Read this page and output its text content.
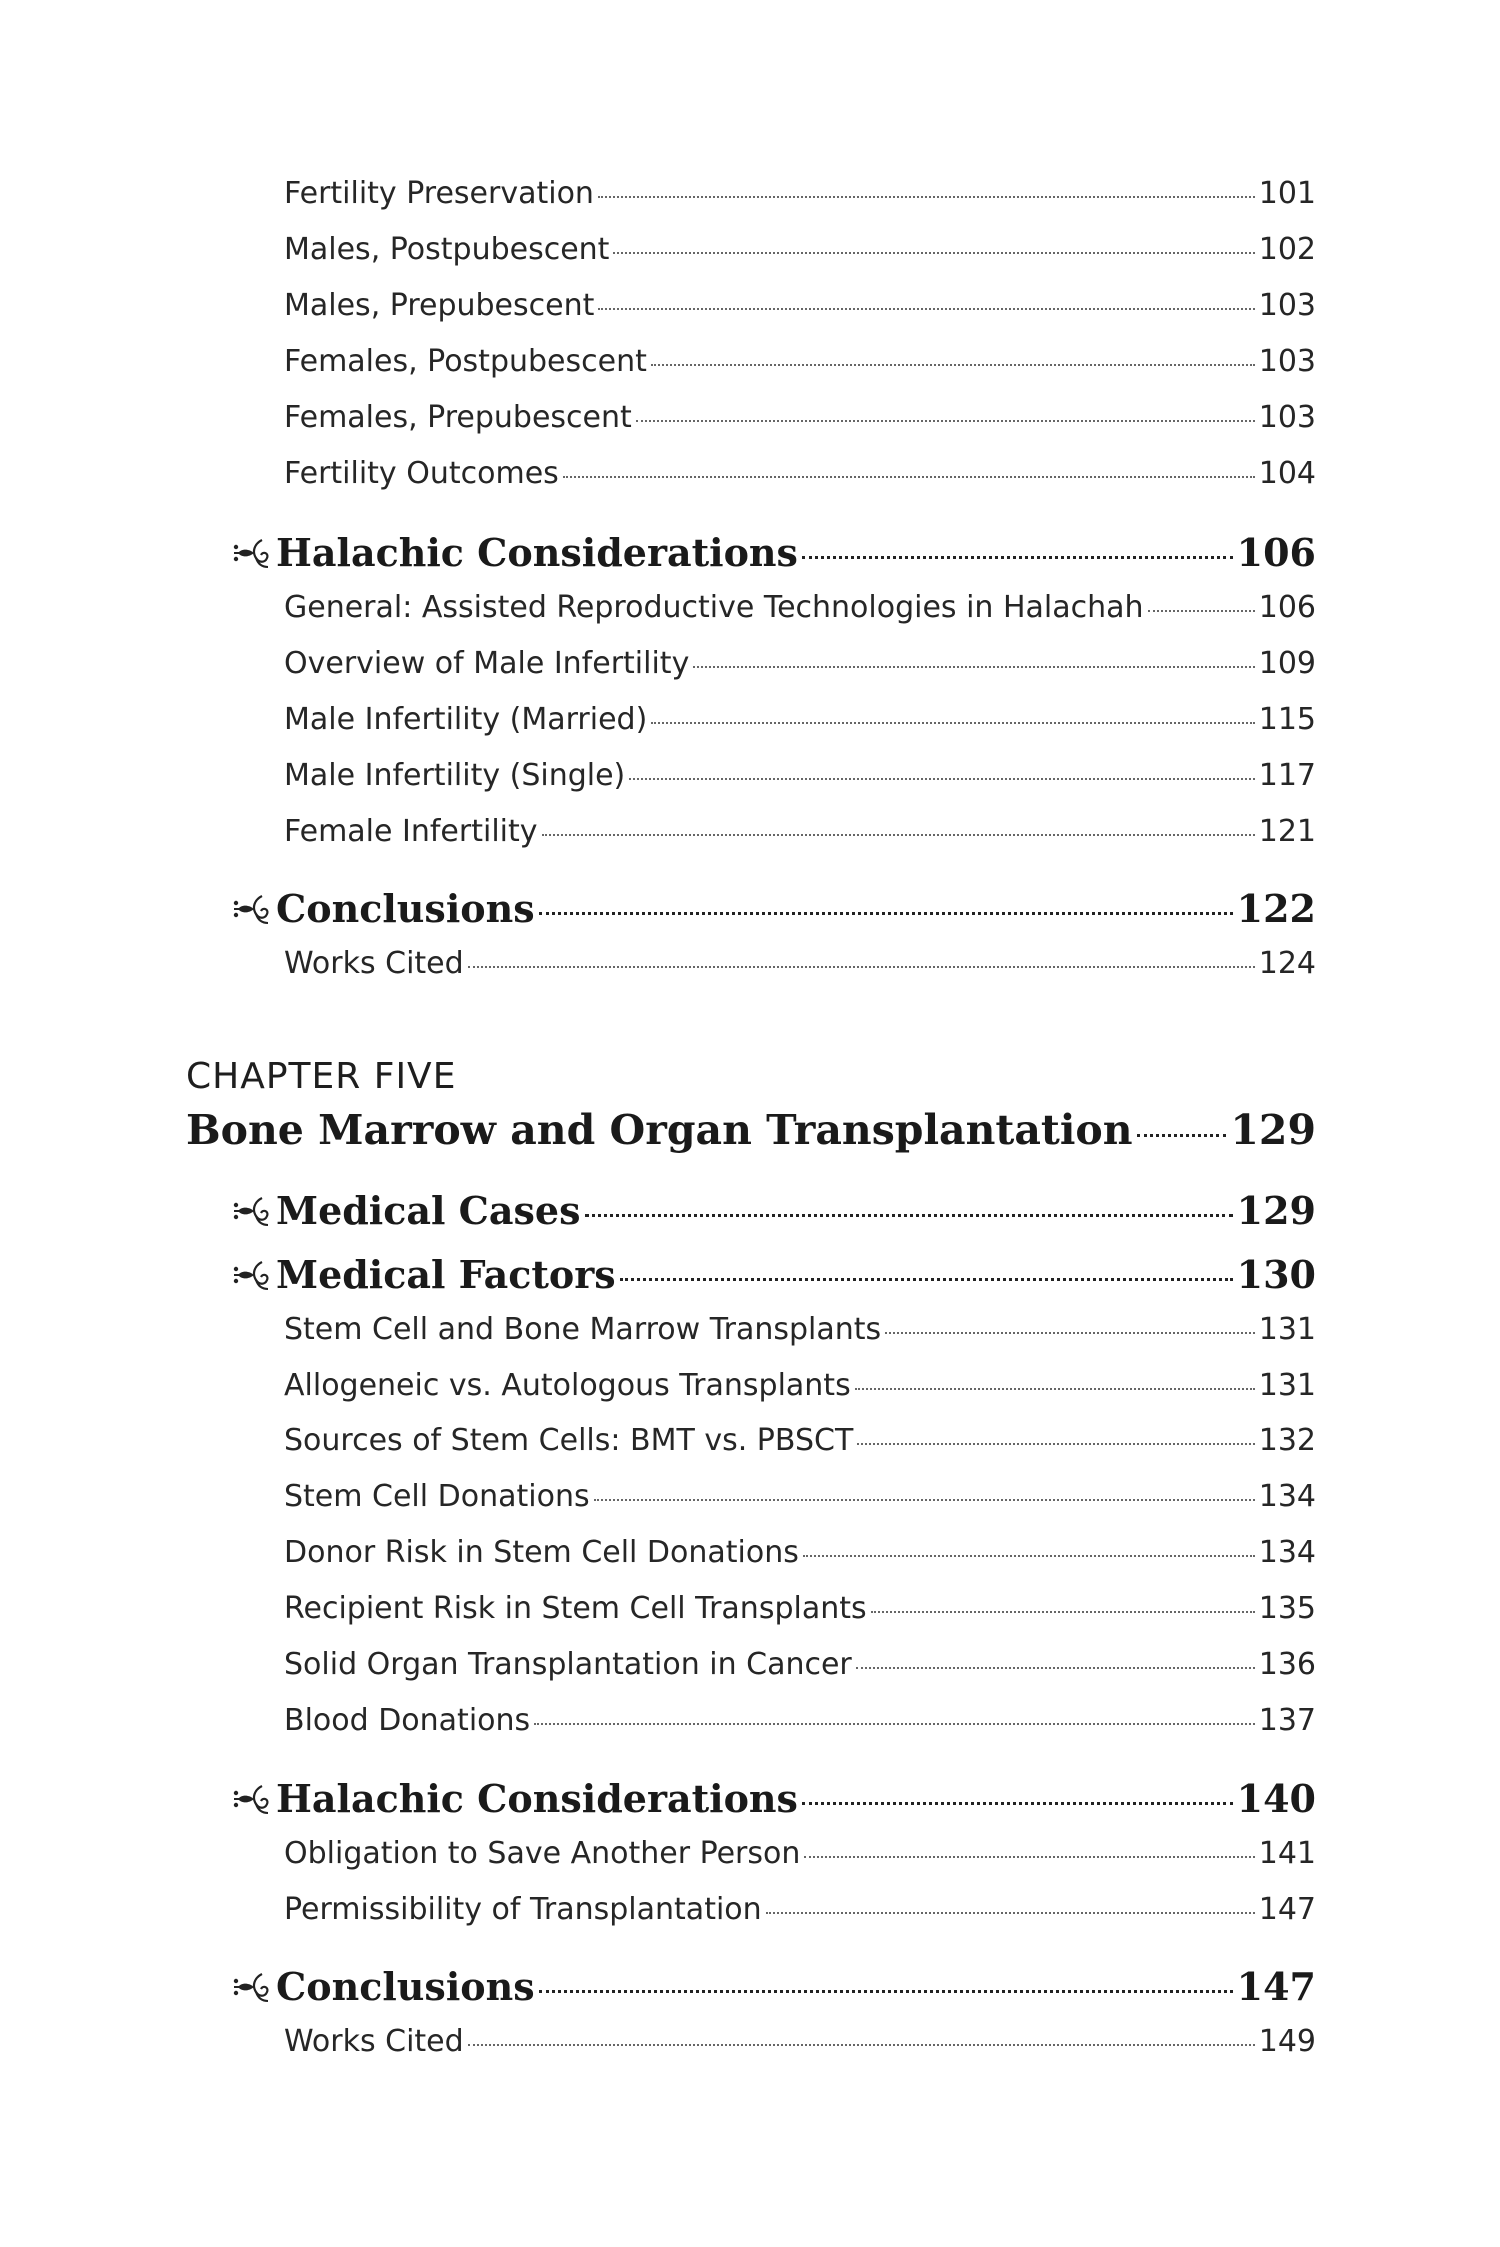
Fertility Preservation	101
Males, Postpubescent	102
Males, Prepubescent	103
Females, Postpubescent	103
Females, Prepubescent	103
Fertility Outcomes	104
Halachic Considerations	106
General: Assisted Reproductive Technologies in Halachah	106
Overview of Male Infertility	109
Male Infertility (Married)	115
Male Infertility (Single)	117
Female Infertility	121
Conclusions	122
Works Cited	124
CHAPTER FIVE
Bone Marrow and Organ Transplantation 129
Medical Cases	129
Medical Factors	130
Stem Cell and Bone Marrow Transplants	131
Allogeneic vs. Autologous Transplants	131
Sources of Stem Cells: BMT vs. PBSCT	132
Stem Cell Donations	134
Donor Risk in Stem Cell Donations	134
Recipient Risk in Stem Cell Transplants	135
Solid Organ Transplantation in Cancer	136
Blood Donations	137
Halachic Considerations	140
Obligation to Save Another Person	141
Permissibility of Transplantation	147
Conclusions	147
Works Cited	149
